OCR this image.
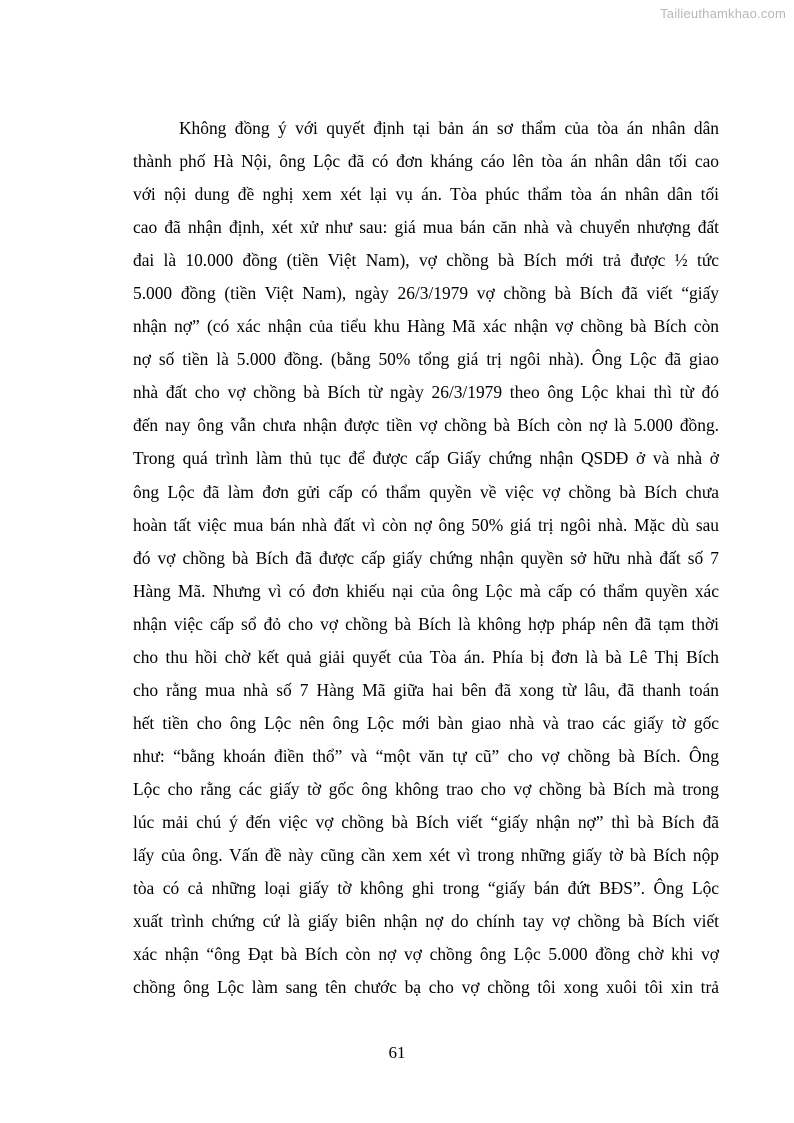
Tailieuthamkhao.com
Không đồng ý với quyết định tại bản án sơ thẩm của tòa án nhân dân
thành phố Hà Nội, ông Lộc đã có đơn kháng cáo lên tòa án nhân dân tối cao
với nội dung đề nghị xem xét lại vụ án. Tòa phúc thẩm tòa án nhân dân tối
cao đã nhận định, xét xử như sau: giá mua bán căn nhà và chuyển nhượng đất
đai là 10.000 đồng (tiền Việt Nam), vợ chồng bà Bích mới trả được ½ tức
5.000 đồng (tiền Việt Nam), ngày 26/3/1979 vợ chồng bà Bích đã viết “giấy
nhận nợ” (có xác nhận của tiểu khu Hàng Mã xác nhận vợ chồng bà Bích còn
nợ số tiền là 5.000 đồng. (bằng 50% tổng giá trị ngôi nhà). Ông Lộc đã giao
nhà đất cho vợ chồng bà Bích từ ngày 26/3/1979 theo ông Lộc khai thì từ đó
đến nay ông vẫn chưa nhận được tiền vợ chồng bà Bích còn nợ là 5.000 đồng.
Trong quá trình làm thủ tục để được cấp Giấy chứng nhận QSDĐ ở và nhà ở
ông Lộc đã làm đơn gửi cấp có thẩm quyền về việc vợ chồng bà Bích chưa
hoàn tất việc mua bán nhà đất vì còn nợ ông 50% giá trị ngôi nhà. Mặc dù sau
đó vợ chồng bà Bích đã được cấp giấy chứng nhận quyền sở hữu nhà đất số 7
Hàng Mã. Nhưng vì có đơn khiếu nại của ông Lộc mà cấp có thẩm quyền xác
nhận việc cấp sổ đỏ cho vợ chồng bà Bích là không hợp pháp nên đã tạm thời
cho thu hồi chờ kết quả giải quyết của Tòa án. Phía bị đơn là bà Lê Thị Bích
cho rằng mua nhà số 7 Hàng Mã giữa hai bên đã xong từ lâu, đã thanh toán
hết tiền cho ông Lộc nên ông Lộc mới bàn giao nhà và trao các giấy tờ gốc
như: “bằng khoán điền thổ” và “một văn tự cũ” cho vợ chồng bà Bích. Ông
Lộc cho rằng các giấy tờ gốc ông không trao cho vợ chồng bà Bích mà trong
lúc mải chú ý đến việc vợ chồng bà Bích viết “giấy nhận nợ” thì bà Bích đã
lấy của ông. Vấn đề này cũng cần xem xét vì trong những giấy tờ bà Bích nộp
tòa có cả những loại giấy tờ không ghi trong “giấy bán đứt BĐS”. Ông Lộc
xuất trình chứng cứ là giấy biên nhận nợ do chính tay vợ chồng bà Bích viết
xác nhận “ông Đạt bà Bích còn nợ vợ chồng ông Lộc 5.000 đồng chờ khi vợ
chồng ông Lộc làm sang tên chước bạ cho vợ chồng tôi xong xuôi tôi xin trả
61
